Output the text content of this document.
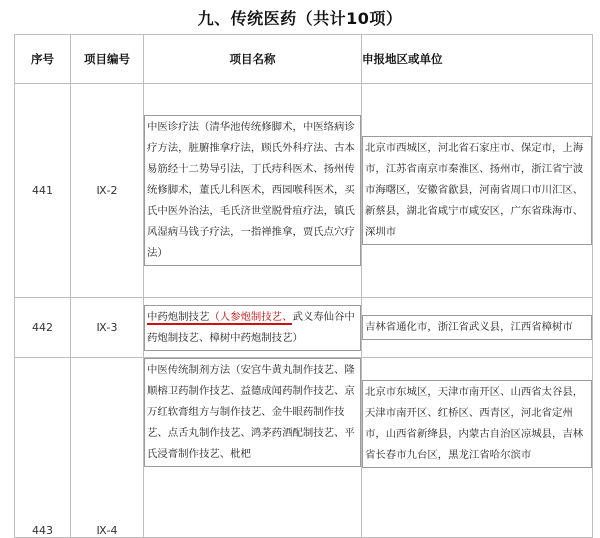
九、传统医药（共计10项）
序号	项目编号	项目名称	申报地区或单位
441	Ⅸ-2	中医诊疗法（清华池传统修脚术，中医络病诊疗方法，脏腑推拿疗法，顾氏外科疗法、古本易筋经十二势导引法，丁氏痔科医术、扬州传统修脚术，董氏儿科医术，西园喉科医术，买氏中医外治法，毛氏济世堂脱骨疽疗法，镇氏风湿病马钱子疗法，一指禅推拿，贾氏点穴疗法）	北京市西城区，河北省石家庄市、保定市，上海市，江苏省南京市秦淮区、扬州市，浙江省宁波市海曙区，安徽省歙县，河南省周口市川汇区、新蔡县，湖北省咸宁市咸安区，广东省珠海市、深圳市

442	Ⅸ-3	中药炮制技艺（人参炮制技艺、武义寿仙谷中药炮制技艺、樟树中药炮制技艺）	吉林省通化市，浙江省武义县，江西省樟树市

443	Ⅸ-4	中医传统制剂方法（安宫牛黄丸制作技艺、隆顺榕卫药制作技艺、益德成闻药制作技艺、京万红软膏组方与制作技艺、金牛眼药制作技艺、点舌丸制作技艺、鸿茅药酒配制技艺、平氏浸膏制作技艺、枇杷	北京市东城区，天津市南开区、山西省太谷县，天津市南开区、红桥区、西青区，河北省定州市，山西省新绛县，内蒙古自治区凉城县，吉林省长春市九台区，黑龙江省哈尔滨市
